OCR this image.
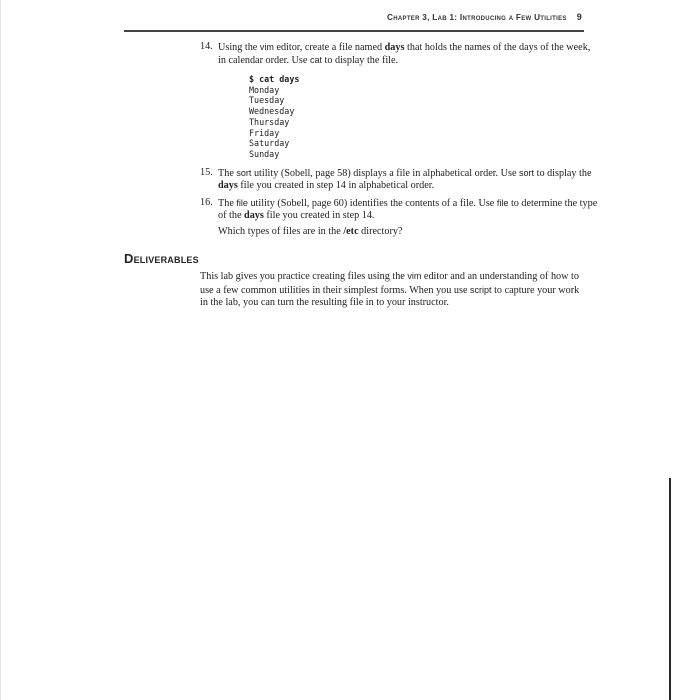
Chapter 3, Lab 1: Introducing a Few Utilities 9
14. Using the vim editor, create a file named days that holds the names of the days of the week, in calendar order. Use cat to display the file.
$ cat days
Monday
Tuesday
Wednesday
Thursday
Friday
Saturday
Sunday
15. The sort utility (Sobell, page 58) displays a file in alphabetical order. Use sort to display the days file you created in step 14 in alphabetical order.
16. The file utility (Sobell, page 60) identifies the contents of a file. Use file to determine the type of the days file you created in step 14.
Which types of files are in the /etc directory?
Deliverables
This lab gives you practice creating files using the vim editor and an understanding of how to use a few common utilities in their simplest forms. When you use script to capture your work in the lab, you can turn the resulting file in to your instructor.
